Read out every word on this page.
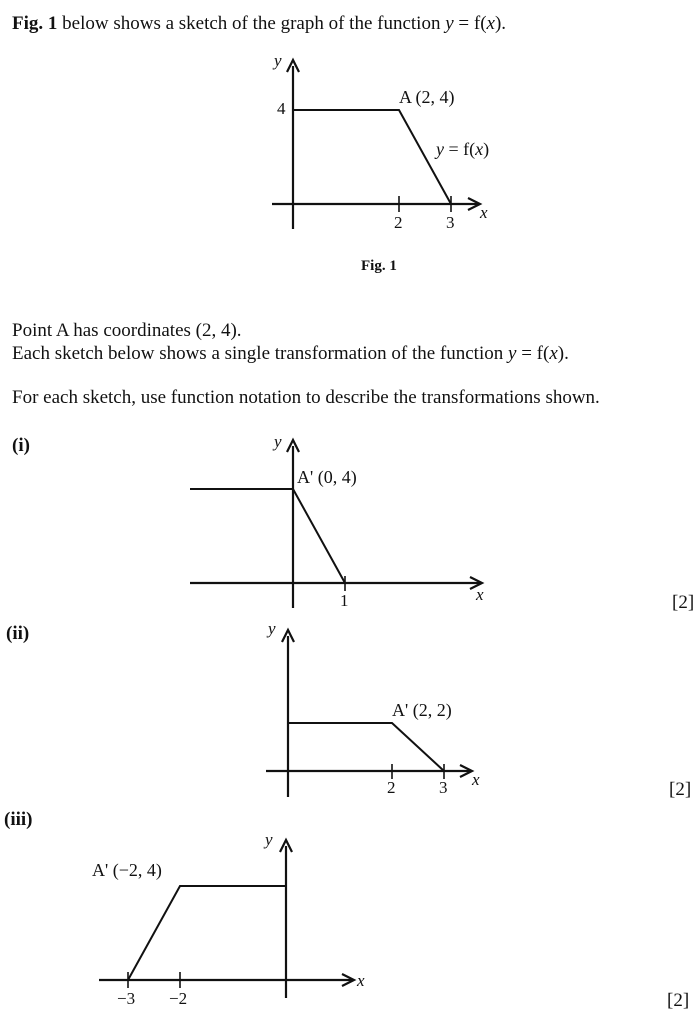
Fig. 1 below shows a sketch of the graph of the function y = f(x).
y
x
4
2	3
A (2, 4)
y = f(x)
Fig. 1
Point A has coordinates (2, 4).
Each sketch below shows a single transformation of the function y = f(x).
For each sketch, use function notation to describe the transformations shown.
(i)
[2]
(ii)
[2]
(iii)
[2]
y
x
1
A' (0, 4)
y
x
2	3
A' (2, 2)
y
x
−3 −2
A' (−2, 4)
